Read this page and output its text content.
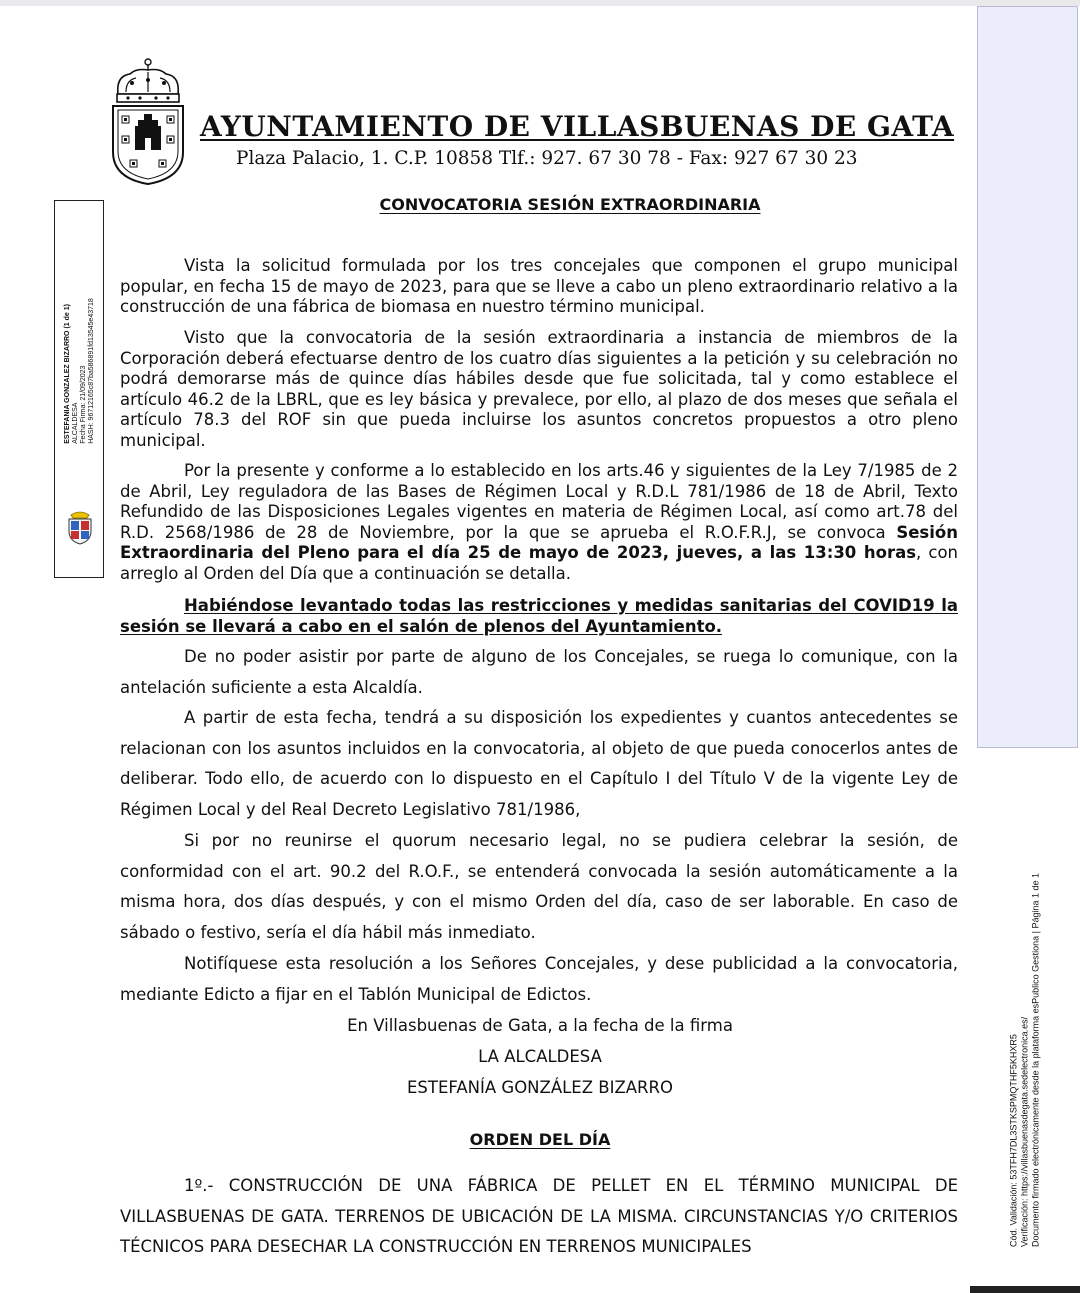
ESTEFANIA GONZALEZ BIZARRO (1 de 1) ALCALDESA Fecha Firma: 21/09/2023 HASH: 96712165c87ba586891fd13545e43718
AYUNTAMIENTO DE VILLASBUENAS DE GATA
Plaza Palacio, 1. C.P. 10858 Tlf.: 927. 67 30 78 - Fax: 927 67 30 23
CONVOCATORIA SESIÓN EXTRAORDINARIA

Vista la solicitud formulada por los tres concejales que componen el grupo municipal popular, en fecha 15 de mayo de 2023, para que se lleve a cabo un pleno extraordinario relativo a la construcción de una fábrica de biomasa en nuestro término municipal.

Visto que la convocatoria de la sesión extraordinaria a instancia de miembros de la Corporación deberá efectuarse dentro de los cuatro días siguientes a la petición y su celebración no podrá demorarse más de quince días hábiles desde que fue solicitada, tal y como establece el artículo 46.2 de la LBRL, que es ley básica y prevalece, por ello, al plazo de dos meses que señala el artículo 78.3 del ROF sin que pueda incluirse los asuntos concretos propuestos a otro pleno municipal.

Por la presente y conforme a lo establecido en los arts.46 y siguientes de la Ley 7/1985 de 2 de Abril, Ley reguladora de las Bases de Régimen Local y R.D.L 781/1986 de 18 de Abril, Texto Refundido de las Disposiciones Legales vigentes en materia de Régimen Local, así como art.78 del R.D. 2568/1986 de 28 de Noviembre, por la que se aprueba el R.O.F.R.J, se convoca Sesión Extraordinaria del Pleno para el día 25 de mayo de 2023, jueves, a las 13:30 horas, con arreglo al Orden del Día que a continuación se detalla.

Habiéndose levantado todas las restricciones y medidas sanitarias del COVID19 la sesión se llevará a cabo en el salón de plenos del Ayuntamiento.

De no poder asistir por parte de alguno de los Concejales, se ruega lo comunique, con la antelación suficiente a esta Alcaldía.

A partir de esta fecha, tendrá a su disposición los expedientes y cuantos antecedentes se relacionan con los asuntos incluidos en la convocatoria, al objeto de que pueda conocerlos antes de deliberar. Todo ello, de acuerdo con lo dispuesto en el Capítulo I del Título V de la vigente Ley de Régimen Local y del Real Decreto Legislativo 781/1986,

Si por no reunirse el quorum necesario legal, no se pudiera celebrar la sesión, de conformidad con el art. 90.2 del R.O.F., se entenderá convocada la sesión automáticamente a la misma hora, dos días después, y con el mismo Orden del día, caso de ser laborable. En caso de sábado o festivo, sería el día hábil más inmediato.

Notifíquese esta resolución a los Señores Concejales, y dese publicidad a la convocatoria, mediante Edicto a fijar en el Tablón Municipal de Edictos.

En Villasbuenas de Gata, a la fecha de la firma
LA ALCALDESA
ESTEFANÍA GONZÁLEZ BIZARRO
ORDEN DEL DÍA

1º.- CONSTRUCCIÓN DE UNA FÁBRICA DE PELLET EN EL TÉRMINO MUNICIPAL DE VILLASBUENAS DE GATA. TERRENOS DE UBICACIÓN DE LA MISMA. CIRCUNSTANCIAS Y/O CRITERIOS TÉCNICOS PARA DESECHAR LA CONSTRUCCIÓN EN TERRENOS MUNICIPALES	Cód. Validación: 53TFH7DL3STKSPMQTHF5KHXR5 Verificación: https://villasbuenasdegata.sedelectronica.es/ Documento firmado electrónicamente desde la plataforma esPublico Gestiona | Página 1 de 1
